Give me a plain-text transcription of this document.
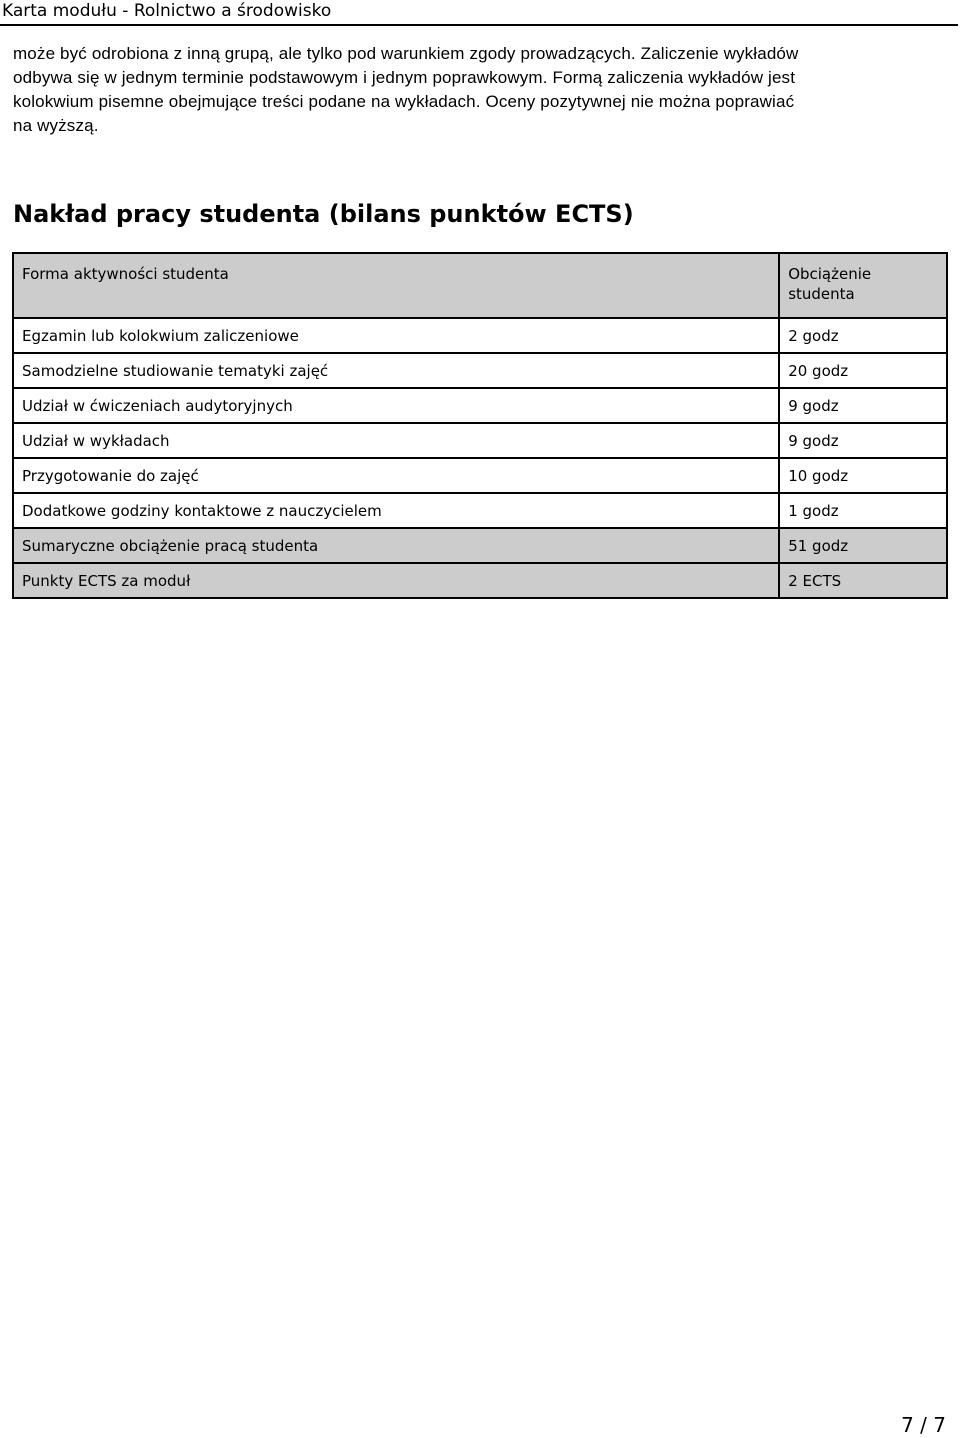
Karta modułu - Rolnictwo a środowisko
może być odrobiona z inną grupą, ale tylko pod warunkiem zgody prowadzących. Zaliczenie wykładów
odbywa się w jednym terminie podstawowym i jednym poprawkowym. Formą zaliczenia wykładów jest
kolokwium pisemne obejmujące treści podane na wykładach. Oceny pozytywnej nie można poprawiać
na wyższą.
Nakład pracy studenta (bilans punktów ECTS)
Forma aktywności studenta	Obciążenie
studenta
Egzamin lub kolokwium zaliczeniowe	2 godz
Samodzielne studiowanie tematyki zajęć	20 godz
Udział w ćwiczeniach audytoryjnych	9 godz
Udział w wykładach	9 godz
Przygotowanie do zajęć	10 godz
Dodatkowe godziny kontaktowe z nauczycielem	1 godz
Sumaryczne obciążenie pracą studenta	51 godz
Punkty ECTS za moduł	2 ECTS
7 / 7
